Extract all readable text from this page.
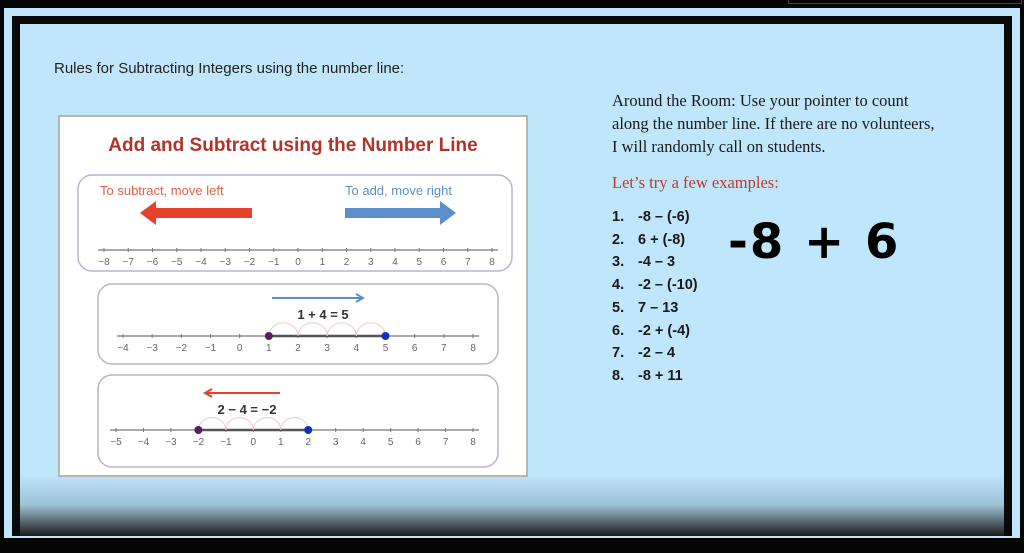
Rules for Subtracting Integers using the number line:
Add and Subtract using the Number Line
To subtract, move left	To add, move right
1 + 4 = 5
2 − 4 = −2
−8 −7 −6 −5 −4 −3 −2 −1 0 1 2 3 4 5 6 7 8
−4 −3 −2 −1 0 1 2 3 4 5 6 7 8
−5 −4 −3 −2 −1 0 1 2 3 4 5 6 7 8
Around the Room: Use your pointer to count along the number line. If there are no volunteers, I will randomly call on students.
Let’s try a few examples:
1. -8 – (-6)
2. 6 + (-8)
3. -4 – 3
4. -2 – (-10)
5. 7 – 13
6. -2 + (-4)
7. -2 – 4
8. -8 + 11
-8 + 6
